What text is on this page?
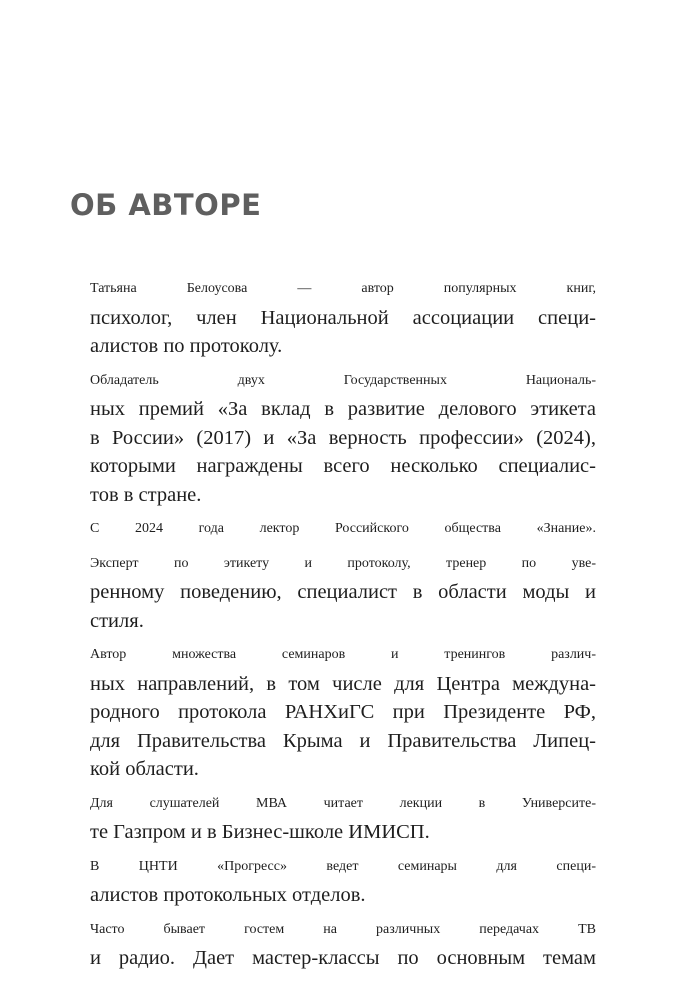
ОБ АВТОРЕ

Татьяна Белоусова — автор популярных книг,
психолог, член Национальной ассоциации специ-
алистов по протоколу.

Обладатель двух Государственных Националь-
ных премий «За вклад в развитие делового этикета
в России» (2017) и «За верность профессии» (2024),
которыми награждены всего несколько специалис-
тов в стране.

С 2024 года лектор Российского общества «Знание».

Эксперт по этикету и протоколу, тренер по уве-
ренному поведению, специалист в области моды и
стиля.

Автор множества семинаров и тренингов различ-
ных направлений, в том числе для Центра междуна-
родного протокола РАНХиГС при Президенте РФ,
для Правительства Крыма и Правительства Липец-
кой области.

Для слушателей МВА читает лекции в Университе-
те Газпром и в Бизнес-школе ИМИСП.

В ЦНТИ «Прогресс» ведет семинары для специ-
алистов протокольных отделов.

Часто бывает гостем на различных передачах ТВ
и радио. Дает мастер-классы по основным темам
